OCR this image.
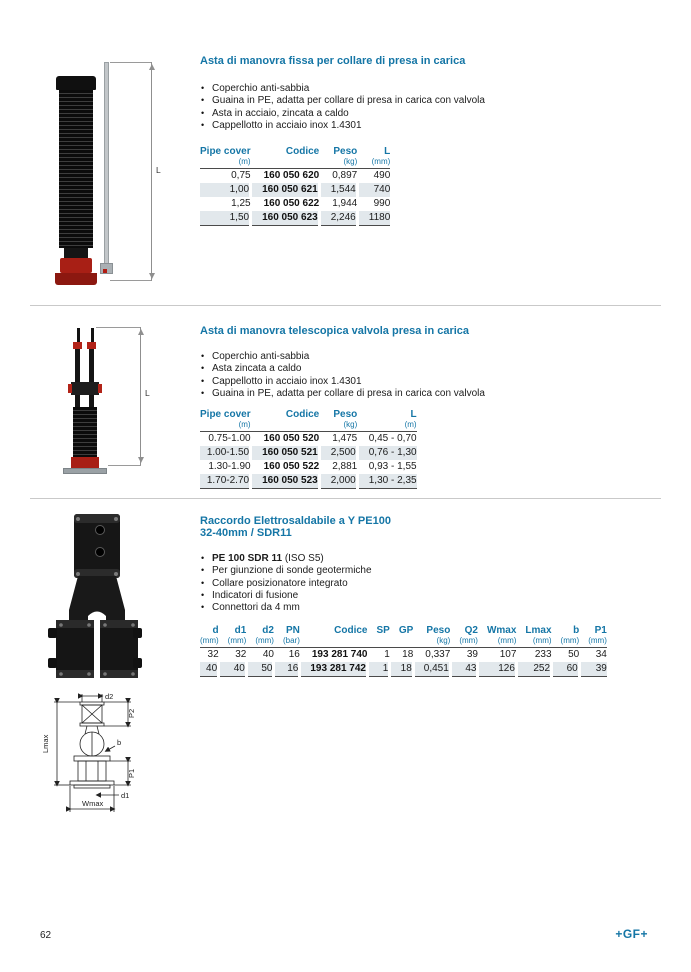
L
Asta di manovra fissa per collare di presa in carica
• Coperchio anti-sabbia
• Guaina in PE, adatta per collare di presa in carica con valvola
• Asta in acciaio, zincata a caldo
• Cappellotto in acciaio inox 1.4301
Pipe cover	Codice	Peso	L
(m)		(kg)	(mm)
0,75	160 050 620	0,897	490
1,00	160 050 621	1,544	740
1,25	160 050 622	1,944	990
1,50	160 050 623	2,246	1180
L
Asta di manovra telescopica valvola presa in carica
• Coperchio anti-sabbia
• Asta zincata a caldo
• Cappellotto in acciaio inox 1.4301
• Guaina in PE, adatta per collare di presa in carica con valvola
Pipe cover	Codice	Peso	L
(m)		(kg)	(m)
0.75-1.00	160 050 520	1,475	0,45 - 0,70
1.00-1.50	160 050 521	2,500	0,76 - 1,30
1.30-1.90	160 050 522	2,881	0,93 - 1,55
1.70-2.70	160 050 523	2,000	1,30 - 2,35
d2
P2
Lmax	b
P1
d1
Wmax
Raccordo Elettrosaldabile a Y PE100
32-40mm / SDR11
• PE 100 SDR 11 (ISO S5)
• Per giunzione di sonde geotermiche
• Collare posizionatore integrato
• Indicatori di fusione
• Connettori da 4 mm
d	d1	d2	PN	Codice	SP	GP	Peso	Q2	Wmax	Lmax	b	P1
(mm)	(mm)	(mm)	(bar)				(kg)	(mm)	(mm)	(mm)	(mm)	(mm)
32	32	40	16	193 281 740	1	18	0,337	39	107	233	50	34
40	40	50	16	193 281 742	1	18	0,451	43	126	252	60	39
62	+GF+
